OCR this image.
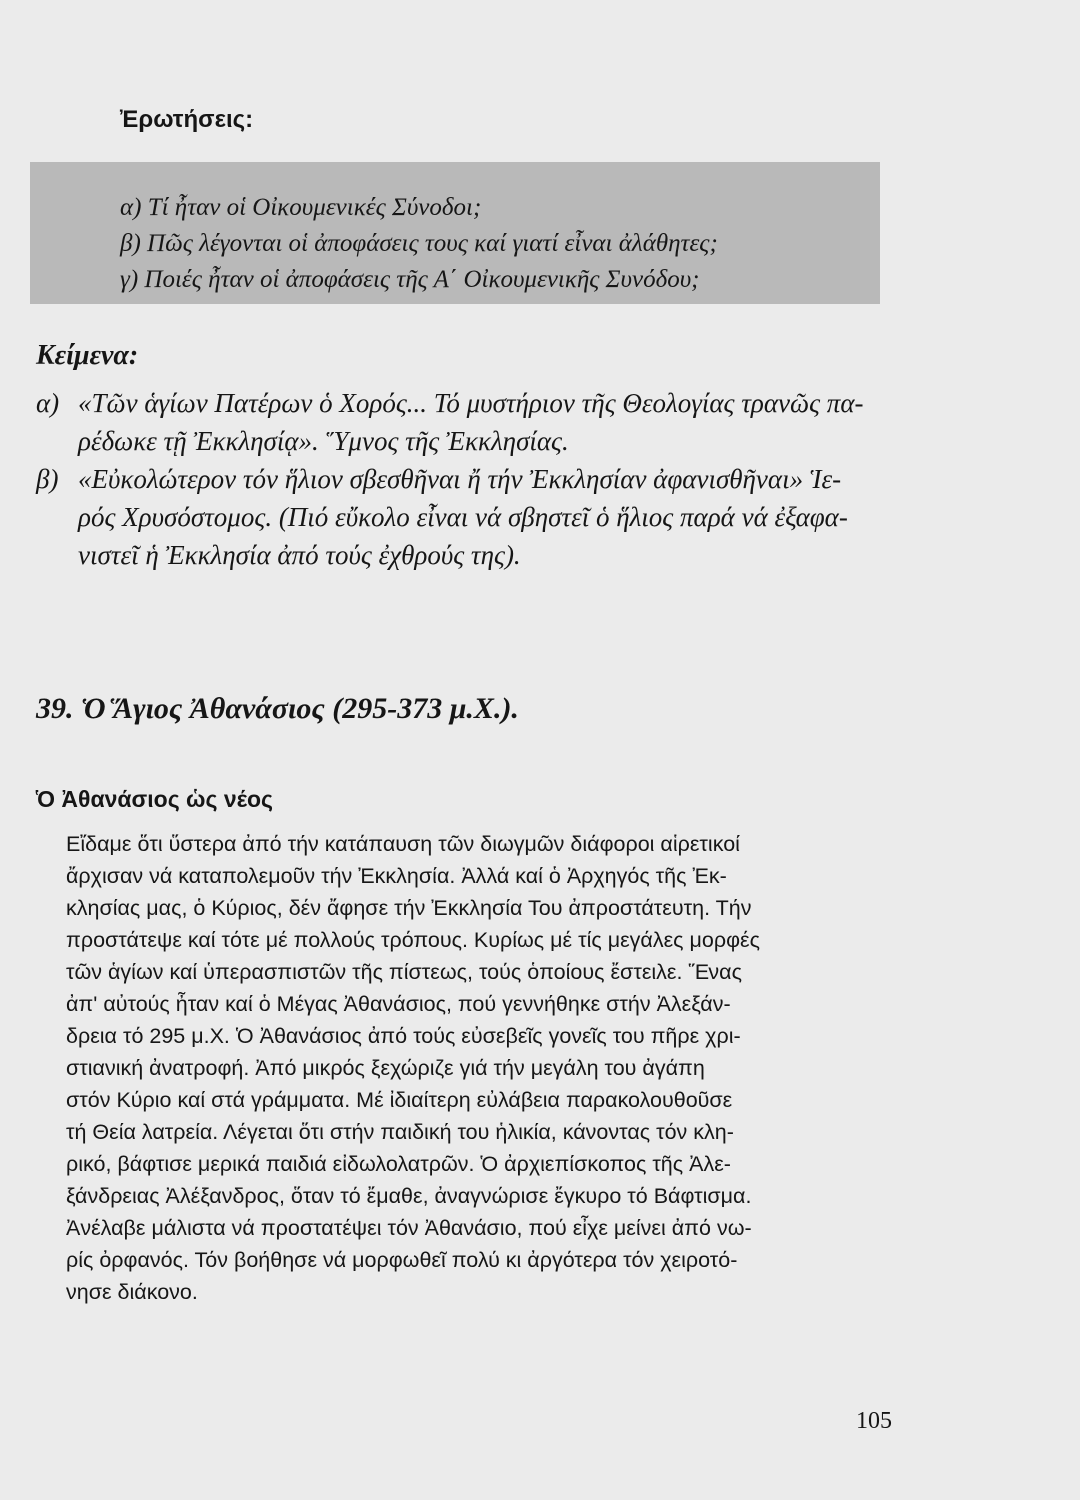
Ἐρωτήσεις:
α) Τί ἦταν οἱ Οἰκουμενικές Σύνοδοι;
β) Πῶς λέγονται οἱ ἀποφάσεις τους καί γιατί εἶναι ἀλάθητες;
γ) Ποιές ἦταν οἱ ἀποφάσεις τῆς Α΄ Οἰκουμενικῆς Συνόδου;
Κείμενα:
α) «Τῶν ἁγίων Πατέρων ὁ Χορός... Τό μυστήριον τῆς Θεολογίας τρανῶς πα-
ρέδωκε τῇ Ἐκκλησίᾳ». Ὕμνος τῆς Ἐκκλησίας.
β) «Εὐκολώτερον τόν ἥλιον σβεσθῆναι ἤ τήν Ἐκκλησίαν ἀφανισθῆναι» Ἱε-
ρός Χρυσόστομος. (Πιό εὔκολο εἶναι νά σβηστεῖ ὁ ἥλιος παρά νά ἐξαφα-
νιστεῖ ἡ Ἐκκλησία ἀπό τούς ἐχθρούς της).
39. Ὁ Ἅγιος Ἀθανάσιος (295-373 μ.Χ.).
Ὁ Ἀθανάσιος ὡς νέος
Εἴδαμε ὅτι ὕστερα ἀπό τήν κατάπαυση τῶν διωγμῶν διάφοροι αἱρετικοί
ἄρχισαν νά καταπολεμοῦν τήν Ἐκκλησία. Ἀλλά καί ὁ Ἀρχηγός τῆς Ἐκ-
κλησίας μας, ὁ Κύριος, δέν ἄφησε τήν Ἐκκλησία Του ἀπροστάτευτη. Τήν
προστάτεψε καί τότε μέ πολλούς τρόπους. Κυρίως μέ τίς μεγάλες μορφές
τῶν ἁγίων καί ὑπερασπιστῶν τῆς πίστεως, τούς ὁποίους ἔστειλε. Ἕνας
ἀπ' αὐτούς ἦταν καί ὁ Μέγας Ἀθανάσιος, πού γεννήθηκε στήν Ἀλεξάν-
δρεια τό 295 μ.Χ. Ὁ Ἀθανάσιος ἀπό τούς εὐσεβεῖς γονεῖς του πῆρε χρι-
στιανική ἀνατροφή. Ἀπό μικρός ξεχώριζε γιά τήν μεγάλη του ἀγάπη
στόν Κύριο καί στά γράμματα. Μέ ἰδιαίτερη εὐλάβεια παρακολουθοῦσε
τή Θεία λατρεία. Λέγεται ὅτι στήν παιδική του ἡλικία, κάνοντας τόν κλη-
ρικό, βάφτισε μερικά παιδιά εἰδωλολατρῶν. Ὁ ἀρχιεπίσκοπος τῆς Ἀλε-
ξάνδρειας Ἀλέξανδρος, ὅταν τό ἔμαθε, ἀναγνώρισε ἔγκυρο τό Βάφτισμα.
Ἀνέλαβε μάλιστα νά προστατέψει τόν Ἀθανάσιο, πού εἶχε μείνει ἀπό νω-
ρίς ὀρφανός. Τόν βοήθησε νά μορφωθεῖ πολύ κι ἀργότερα τόν χειροτό-
νησε διάκονο.
105
